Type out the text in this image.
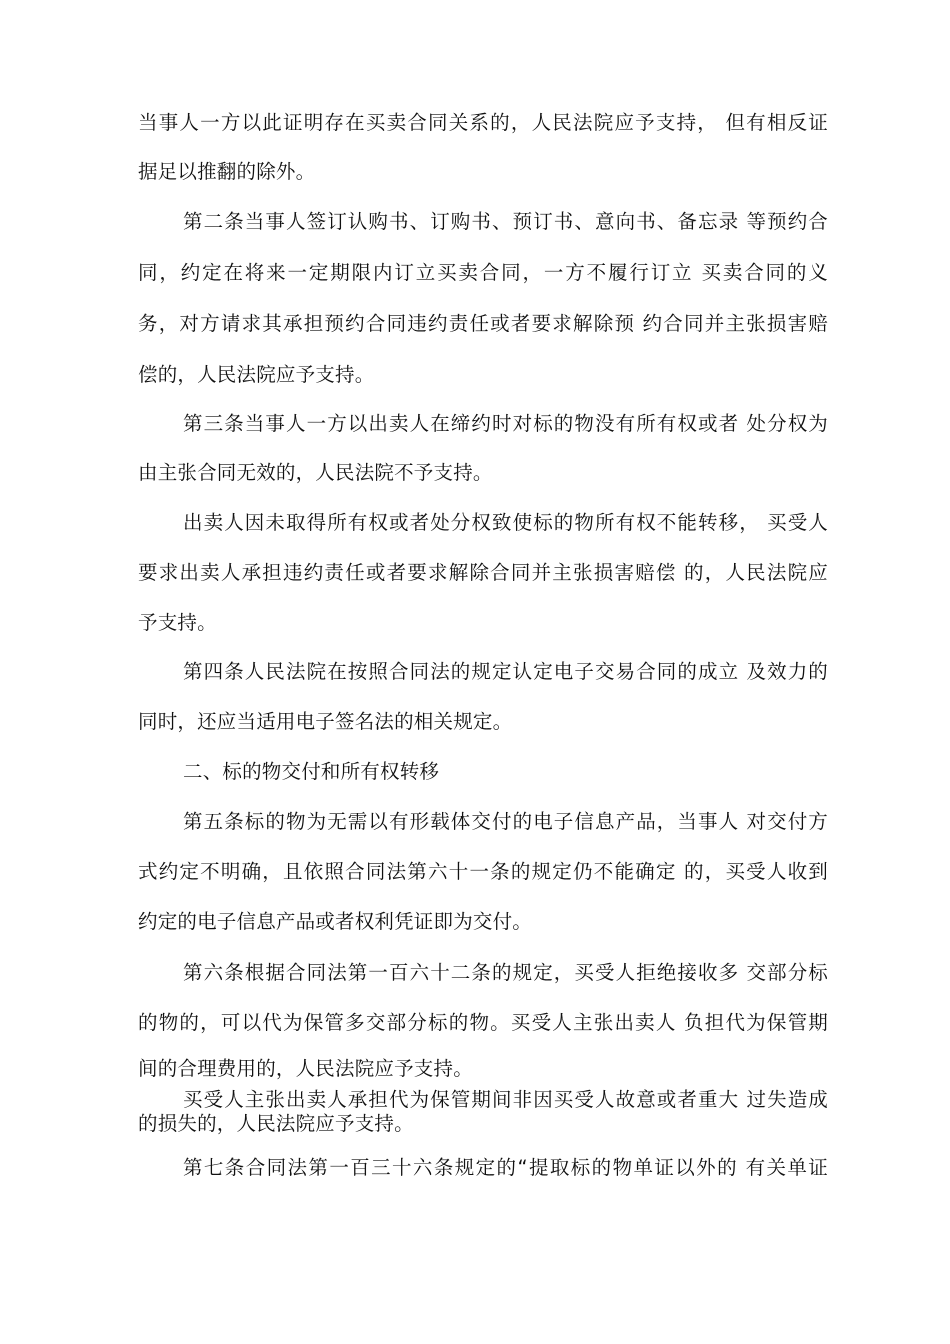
当事人一方以此证明存在买卖合同关系的，人民法院应予支持， 但有相反证
据足以推翻的除外。
第二条当事人签订认购书、订购书、预订书、意向书、备忘录 等预约合
同，约定在将来一定期限内订立买卖合同，一方不履行订立 买卖合同的义
务，对方请求其承担预约合同违约责任或者要求解除预 约合同并主张损害赔
偿的，人民法院应予支持。
第三条当事人一方以出卖人在缔约时对标的物没有所有权或者 处分权为
由主张合同无效的，人民法院不予支持。
出卖人因未取得所有权或者处分权致使标的物所有权不能转移， 买受人
要求出卖人承担违约责任或者要求解除合同并主张损害赔偿 的，人民法院应
予支持。
第四条人民法院在按照合同法的规定认定电子交易合同的成立 及效力的
同时，还应当适用电子签名法的相关规定。
二、标的物交付和所有权转移
第五条标的物为无需以有形载体交付的电子信息产品，当事人 对交付方
式约定不明确，且依照合同法第六十一条的规定仍不能确定 的，买受人收到
约定的电子信息产品或者权利凭证即为交付。
第六条根据合同法第一百六十二条的规定，买受人拒绝接收多 交部分标
的物的，可以代为保管多交部分标的物。买受人主张出卖人 负担代为保管期
间的合理费用的，人民法院应予支持。
买受人主张出卖人承担代为保管期间非因买受人故意或者重大 过失造成
的损失的，人民法院应予支持。
第七条合同法第一百三十六条规定的“提取标的物单证以外的 有关单证
